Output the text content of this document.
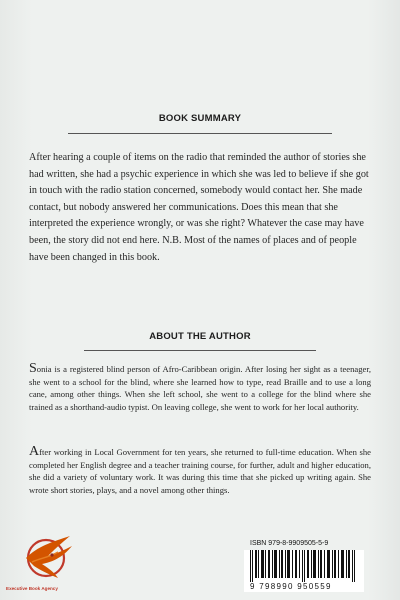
BOOK SUMMARY

After hearing a couple of items on the radio that reminded the author of stories she had written, she had a psychic experience in which she was led to believe if she got in touch with the radio station concerned, somebody would contact her. She made contact, but nobody answered her communications. Does this mean that she interpreted the experience wrongly, or was she right? Whatever the case may have been, the story did not end here. N.B. Most of the names of places and of people have been changed in this book.

ABOUT THE AUTHOR

Sonia is a registered blind person of Afro-Caribbean origin. After losing her sight as a teenager, she went to a school for the blind, where she learned how to type, read Braille and to use a long cane, among other things. When she left school, she went to a college for the blind where she trained as a shorthand-audio typist. On leaving college, she went to work for her local authority.

After working in Local Government for ten years, she returned to full-time education. When she completed her English degree and a teacher training course, for further, adult and higher education, she did a variety of voluntary work. It was during this time that she picked up writing again. She wrote short stories, plays, and a novel among other things.

Executive Book Agency
ISBN 979-8-9909505-5-9
9 798990 950559
